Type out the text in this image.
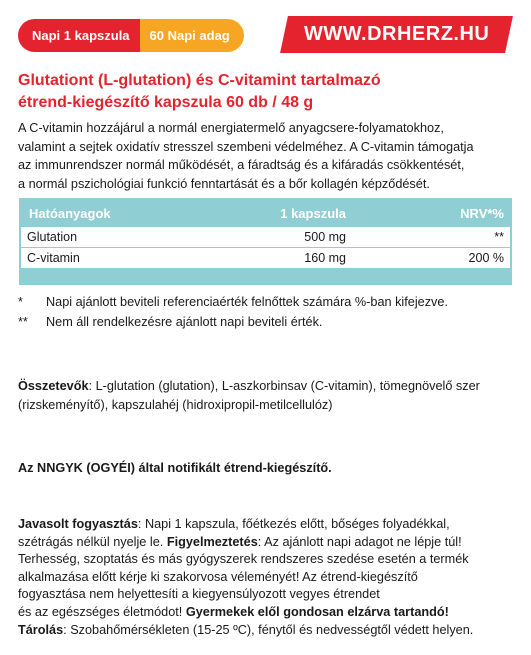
Napi 1 kapszula	60 Napi adag	WWW.DRHERZ.HU
Glutationt (L-glutation) és C-vitamint tartalmazó
étrend-kiegészítő kapszula 60 db / 48 g
A C-vitamin hozzájárul a normál energiatermelő anyagcsere-folyamatokhoz,
valamint a sejtek oxidatív stresszel szembeni védelméhez. A C-vitamin támogatja
az immunrendszer normál működését, a fáradtság és a kifáradás csökkentését,
a normál pszichológiai funkció fenntartását és a bőr kollagén képződését.
Hatóanyagok	1 kapszula	NRV*%
Glutation	500 mg	**
C-vitamin	160 mg	200 %
*	Napi ajánlott beviteli referenciaérték felnőttek számára %-ban kifejezve.
**	Nem áll rendelkezésre ajánlott napi beviteli érték.
Összetevők: L-glutation (glutation), L-aszkorbinsav (C-vitamin), tömegnövelő szer
(rizskeményítő), kapszulahéj (hidroxipropil-metilcellulóz)
Az NNGYK (OGYÉI) által notifikált étrend-kiegészítő.
Javasolt fogyasztás: Napi 1 kapszula, főétkezés előtt, bőséges folyadékkal,
szétrágás nélkül nyelje le. Figyelmeztetés: Az ajánlott napi adagot ne lépje túl!
Terhesség, szoptatás és más gyógyszerek rendszeres szedése esetén a termék
alkalmazása előtt kérje ki szakorvosa véleményét! Az étrend-kiegészítő
fogyasztása nem helyettesíti a kiegyensúlyozott vegyes étrendet
és az egészséges életmódot! Gyermekek elől gondosan elzárva tartandó!
Tárolás: Szobahőmérsékleten (15-25 ºC), fénytől és nedvességtől védett helyen.
